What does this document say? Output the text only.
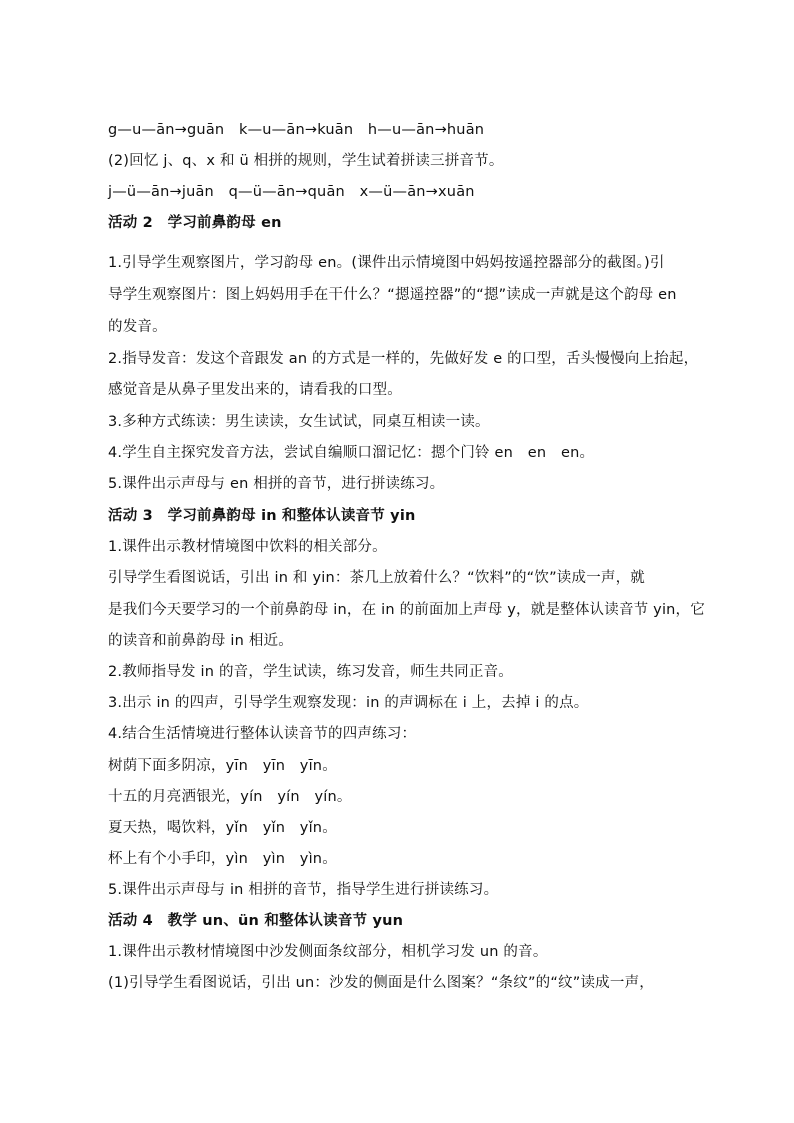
g—u—ān→guān　k—u—ān→kuān　h—u—ān→huān
(2)回忆 j、q、x 和 ü 相拼的规则，学生试着拼读三拼音节。
j—ü—ān→juān　q—ü—ān→quān　x—ü—ān→xuān
活动 2　学习前鼻韵母 en
1.引导学生观察图片，学习韵母 en。(课件出示情境图中妈妈按遥控器部分的截图。)引
导学生观察图片：图上妈妈用手在干什么？“摁遥控器”的“摁”读成一声就是这个韵母 en
的发音。
2.指导发音：发这个音跟发 an 的方式是一样的，先做好发 e 的口型，舌头慢慢向上抬起，
感觉音是从鼻子里发出来的，请看我的口型。
3.多种方式练读：男生读读，女生试试，同桌互相读一读。
4.学生自主探究发音方法，尝试自编顺口溜记忆：摁个门铃 en　en　en。
5.课件出示声母与 en 相拼的音节，进行拼读练习。
活动 3　学习前鼻韵母 in 和整体认读音节 yin
1.课件出示教材情境图中饮料的相关部分。
引导学生看图说话，引出 in 和 yin：茶几上放着什么？“饮料”的“饮”读成一声，就
是我们今天要学习的一个前鼻韵母 in，在 in 的前面加上声母 y，就是整体认读音节 yin，它
的读音和前鼻韵母 in 相近。
2.教师指导发 in 的音，学生试读，练习发音，师生共同正音。
3.出示 in 的四声，引导学生观察发现：in 的声调标在 i 上，去掉 i 的点。
4.结合生活情境进行整体认读音节的四声练习：
树荫下面多阴凉，yīn　yīn　yīn。
十五的月亮洒银光，yín　yín　yín。
夏天热，喝饮料，yǐn　yǐn　yǐn。
杯上有个小手印，yìn　yìn　yìn。
5.课件出示声母与 in 相拼的音节，指导学生进行拼读练习。
活动 4　教学 un、ün 和整体认读音节 yun
1.课件出示教材情境图中沙发侧面条纹部分，相机学习发 un 的音。
(1)引导学生看图说话，引出 un：沙发的侧面是什么图案？“条纹”的“纹”读成一声，
